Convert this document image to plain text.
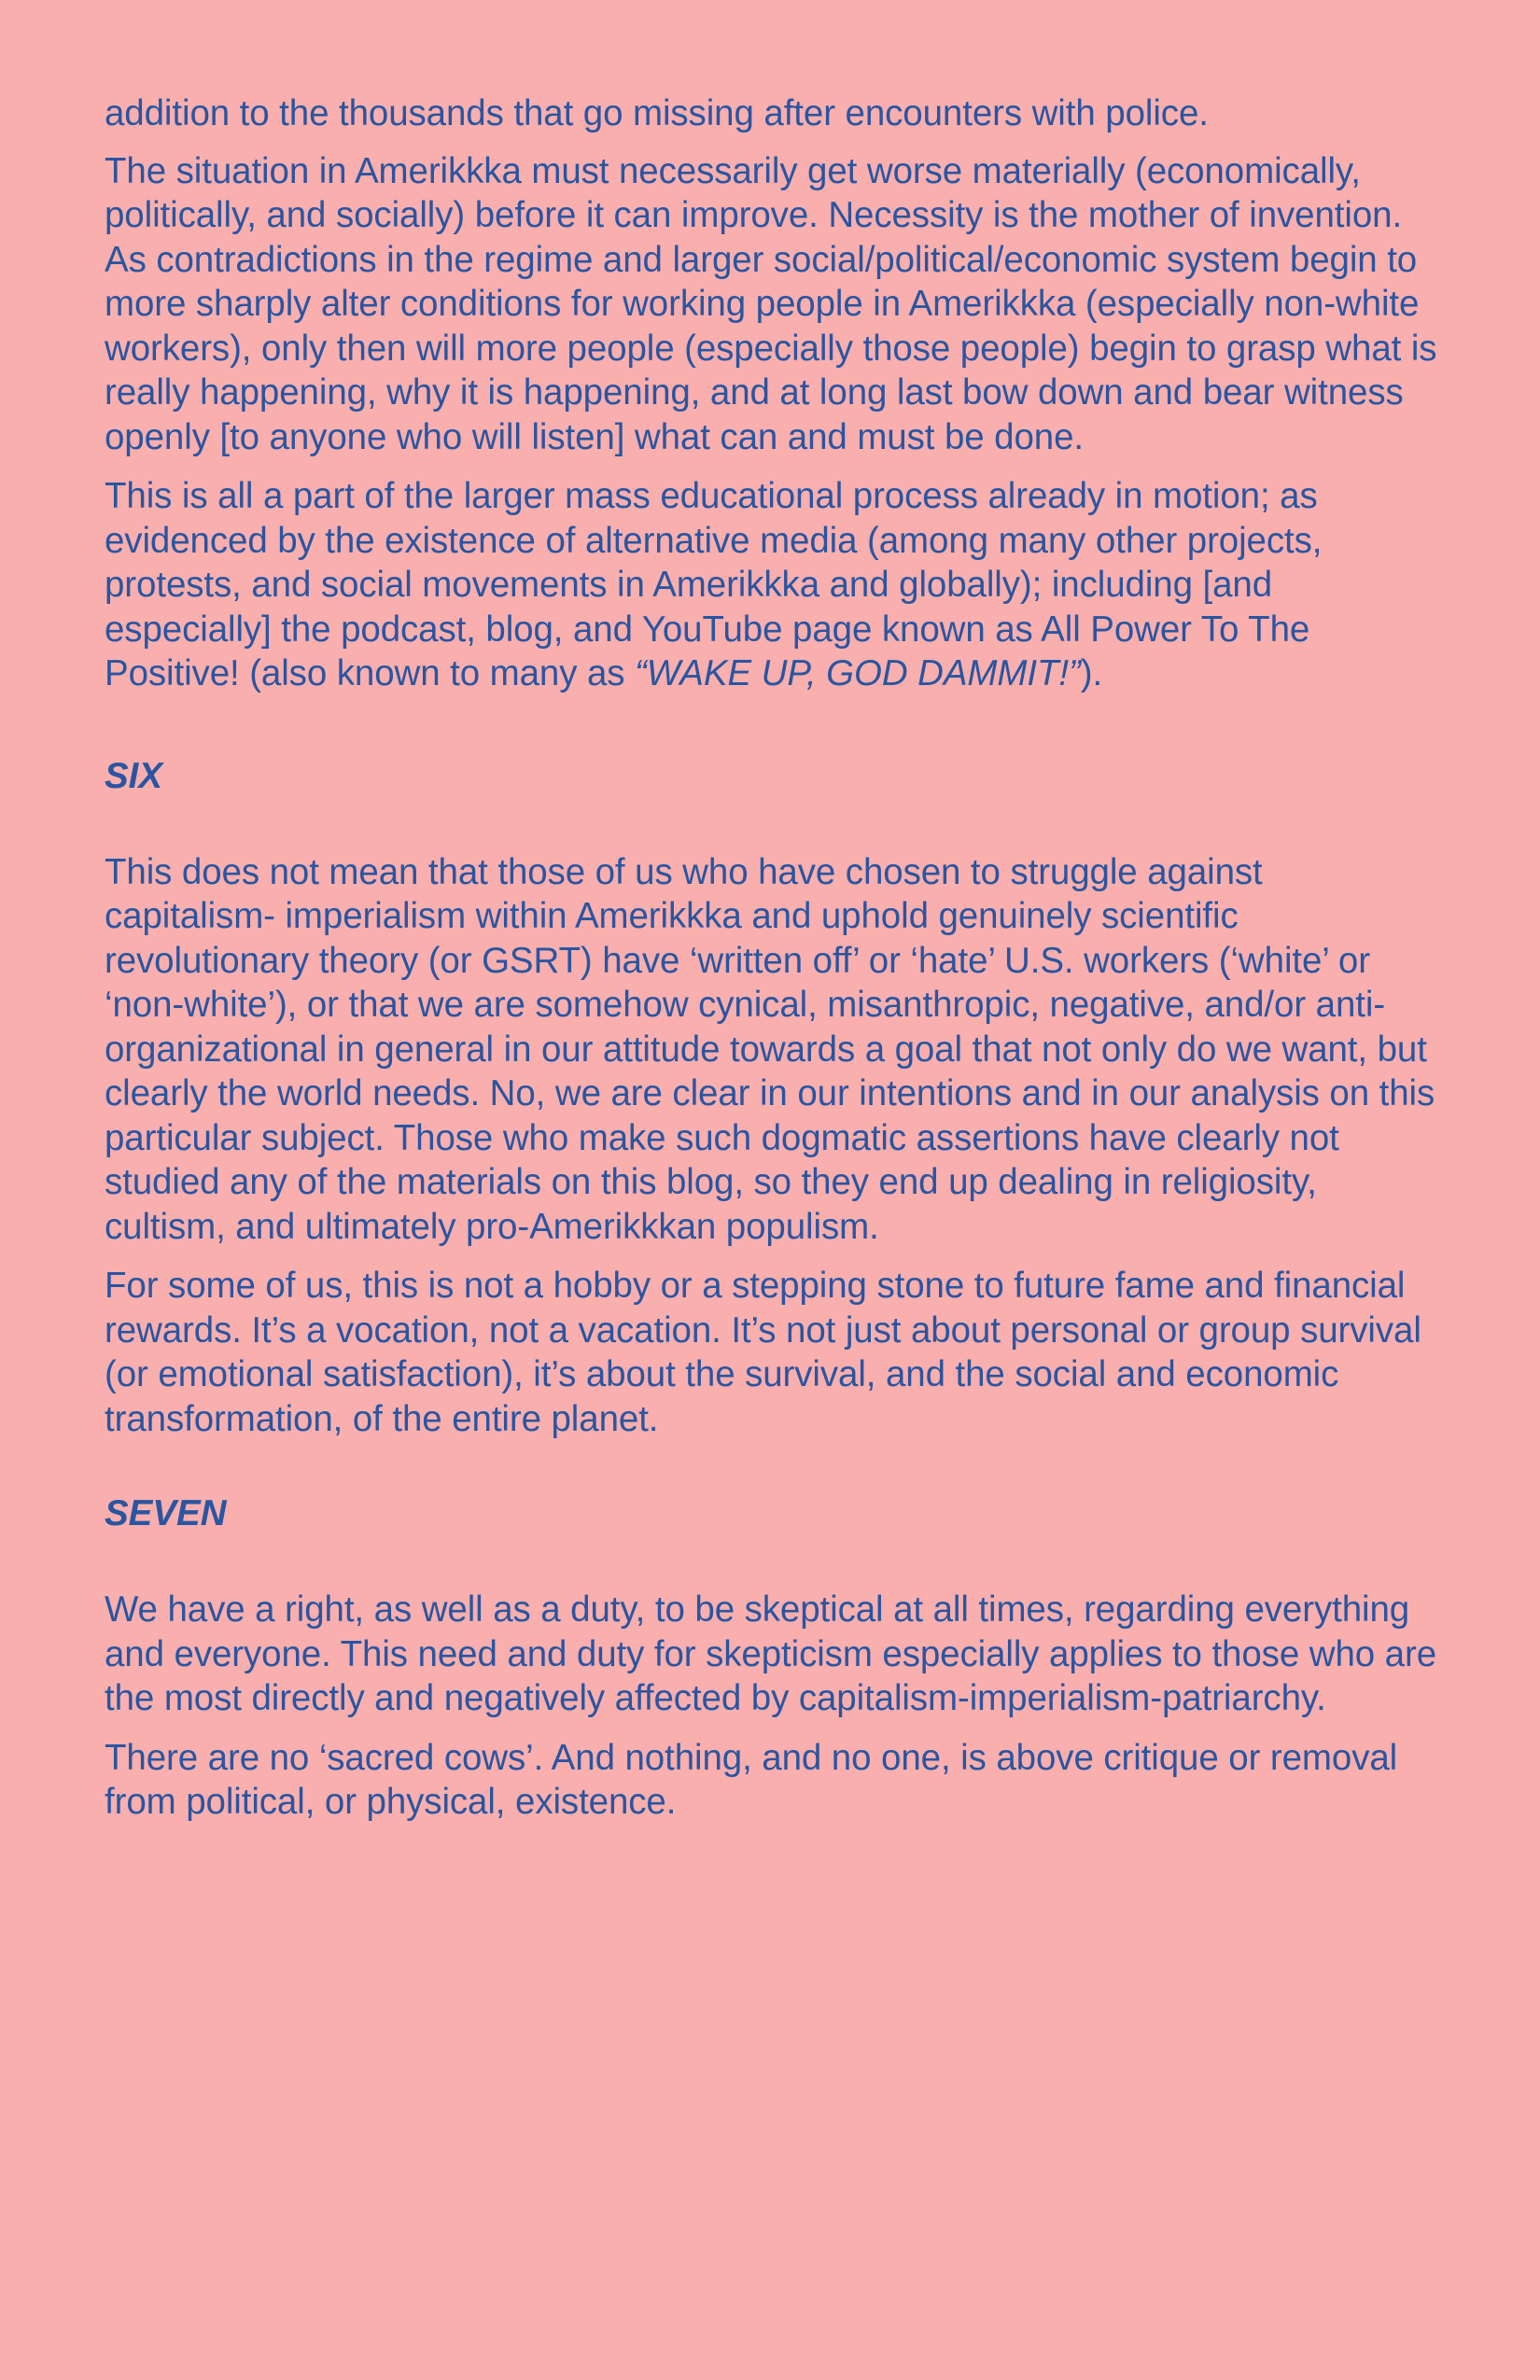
addition to the thousands that go missing after encounters with police.

The situation in Amerikkka must necessarily get worse materially (economically, politically, and socially) before it can improve. Necessity is the mother of invention. As contradictions in the regime and larger social/political/economic system begin to more sharply alter conditions for working people in Amerikkka (especially non-white workers), only then will more people (especially those people) begin to grasp what is really happening, why it is happening, and at long last bow down and bear witness openly [to anyone who will listen] what can and must be done.

This is all a part of the larger mass educational process already in motion; as evidenced by the existence of alternative media (among many other projects, protests, and social movements in Amerikkka and globally); including [and especially] the podcast, blog, and YouTube page known as All Power To The Positive! (also known to many as “WAKE UP, GOD DAMMIT!”).

SIX

This does not mean that those of us who have chosen to struggle against capitalism- imperialism within Amerikkka and uphold genuinely scientific revolutionary theory (or GSRT) have ‘written off’ or ‘hate’ U.S. workers (‘white’ or ‘non-white’), or that we are somehow cynical, misanthropic, negative, and/or anti-organizational in general in our attitude towards a goal that not only do we want, but clearly the world needs. No, we are clear in our intentions and in our analysis on this particular subject. Those who make such dogmatic assertions have clearly not studied any of the materials on this blog, so they end up dealing in religiosity, cultism, and ultimately pro-Amerikkkan populism.

For some of us, this is not a hobby or a stepping stone to future fame and financial rewards. It’s a vocation, not a vacation. It’s not just about personal or group survival (or emotional satisfaction), it’s about the survival, and the social and economic transformation, of the entire planet.

SEVEN

We have a right, as well as a duty, to be skeptical at all times, regarding everything and everyone. This need and duty for skepticism especially applies to those who are the most directly and negatively affected by capitalism-imperialism-patriarchy.

There are no ‘sacred cows’. And nothing, and no one, is above critique or removal from political, or physical, existence.
